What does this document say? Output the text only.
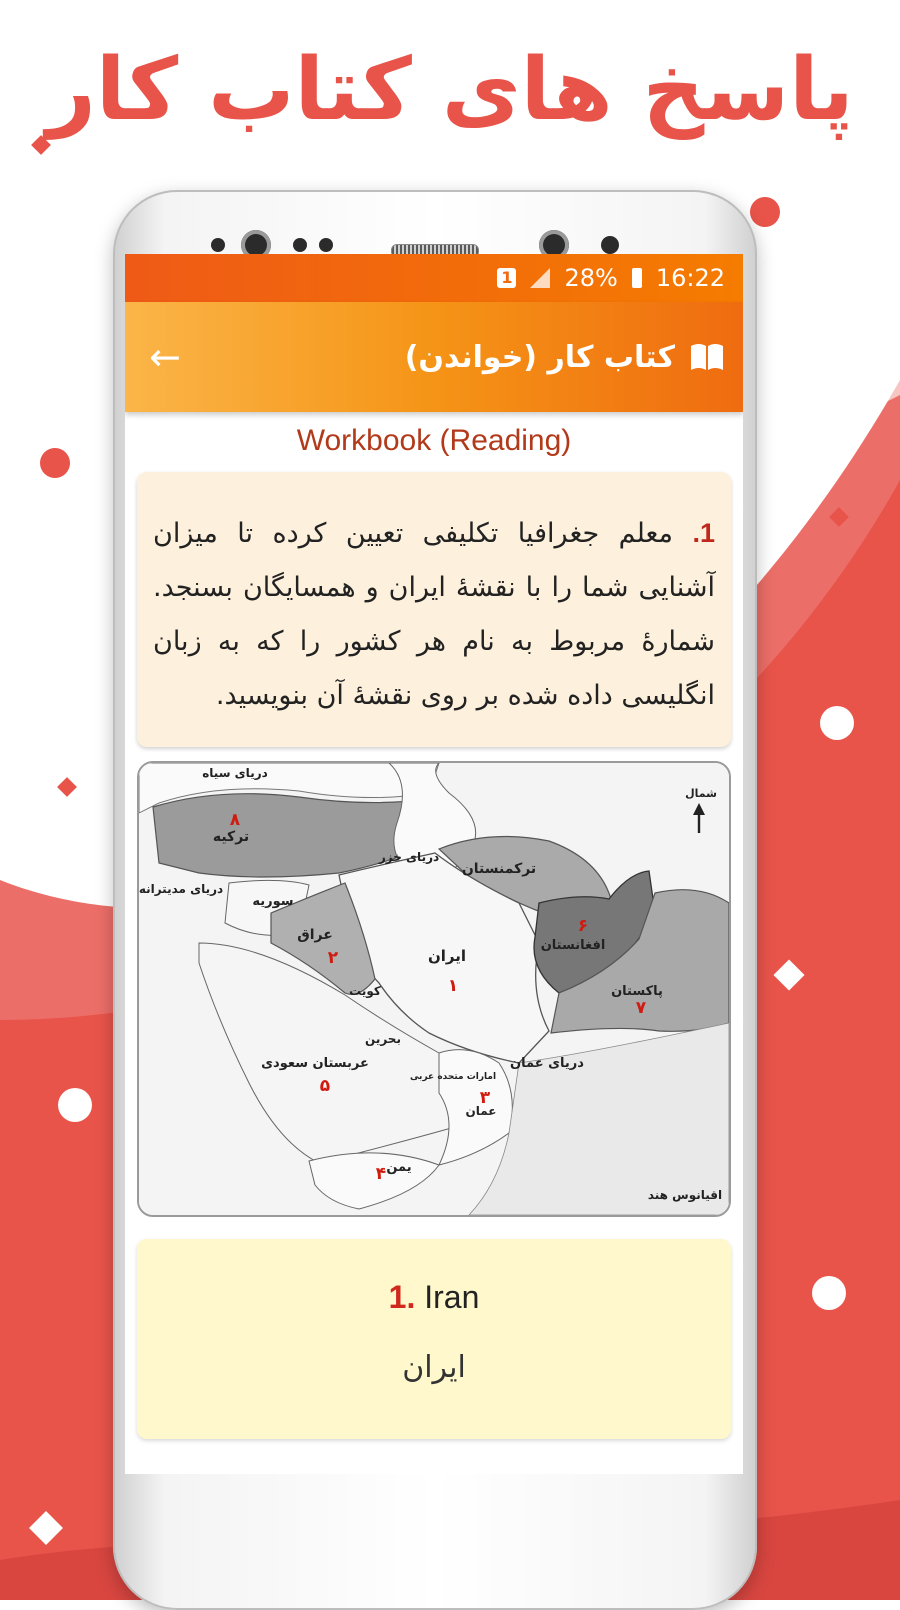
پاسخ های کتاب کار
1 28% 16:22
←	کتاب کار (خواندن)
Workbook (Reading)
1. معلم جغرافیا تکلیفی تعیین کرده تا میزان آشنایی شما را با نقشهٔ ایران و همسایگان بسنجد. شمارهٔ مربوط به نام هر کشور را که به زبان انگلیسی داده شده بر روی نقشهٔ آن بنویسید.
شمال
دریای سیاه
ترکیه
دریای مدیترانه
سوریه
عراق
دریای خزر
ترکمنستان
ایران
افغانستان
پاکستان
کویت
بحرین
عربستان سعودی
امارات متحده عربی
عمان
دریای عمان
یمن
اقیانوس هند
۸
۲
۱
۶
۷
۵
۳
۴
1. Iran
ایران
